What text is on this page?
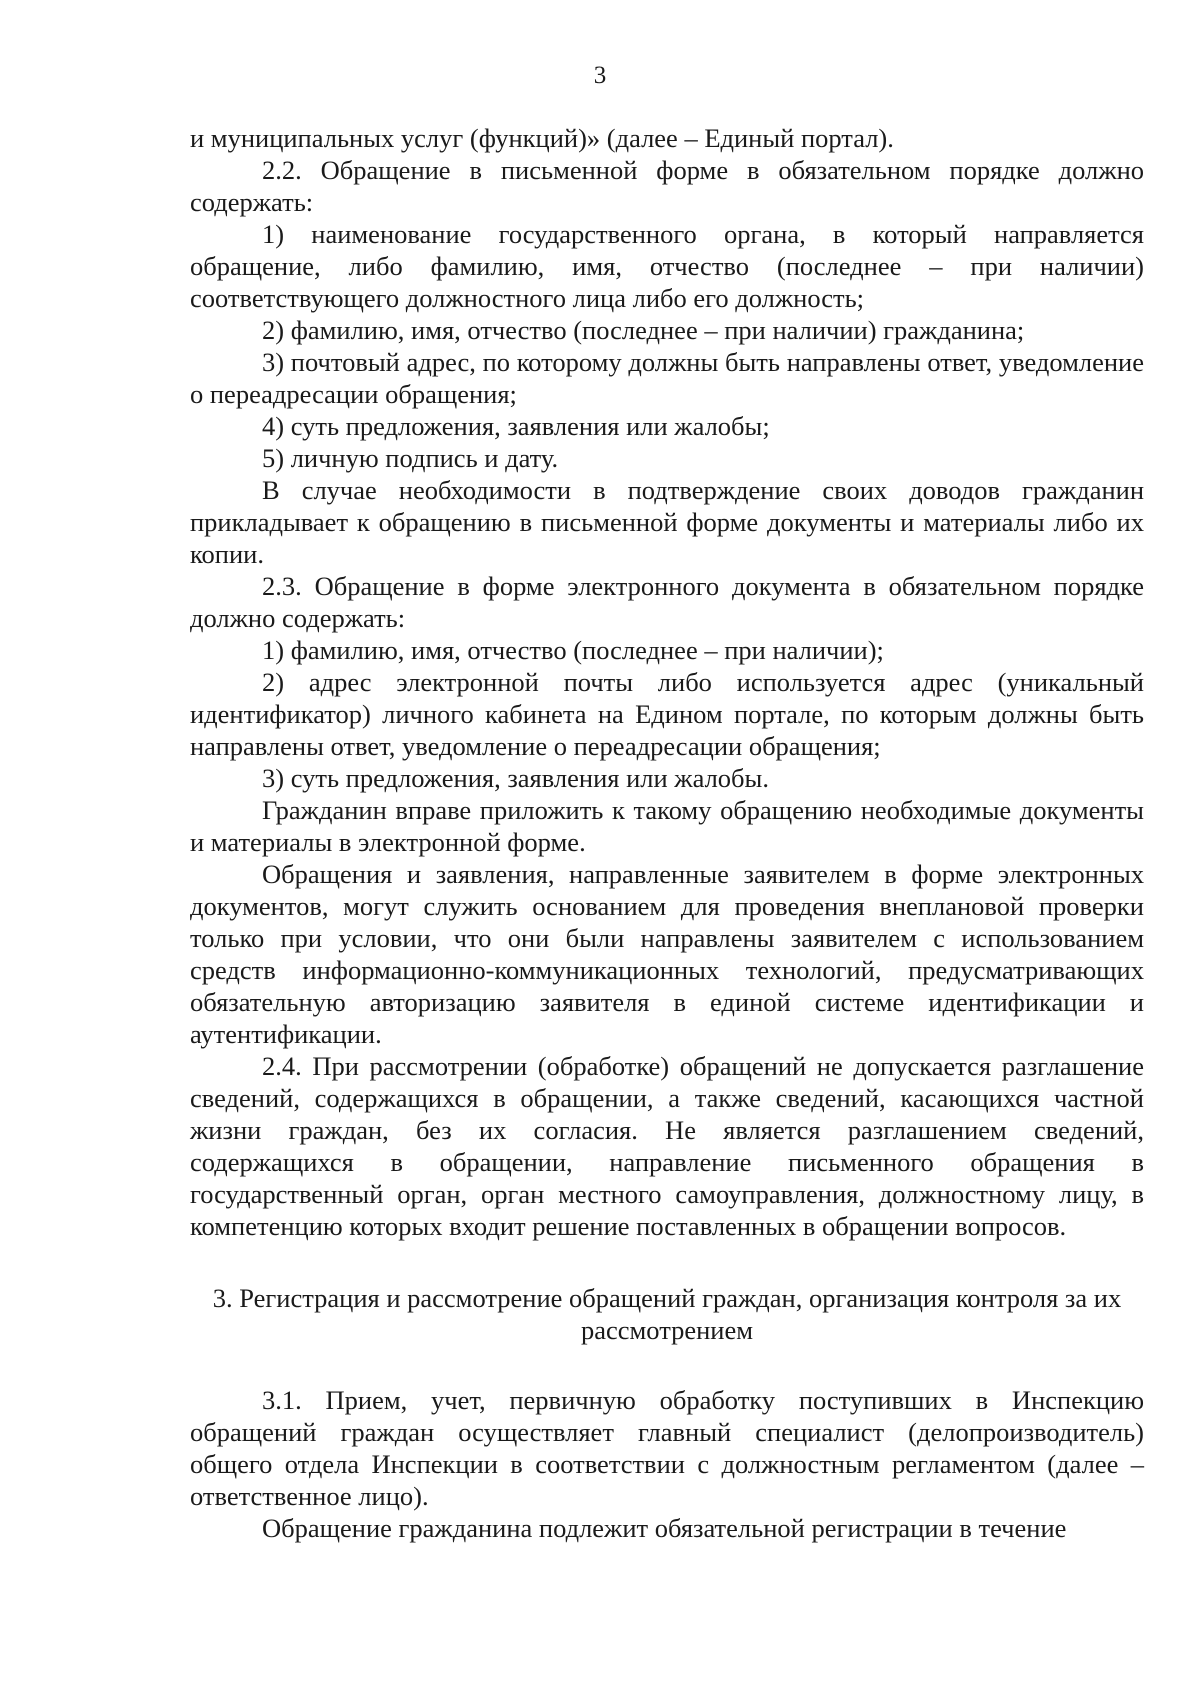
3

и муниципальных услуг (функций)» (далее – Единый портал).

2.2. Обращение в письменной форме в обязательном порядке должно содержать:

1) наименование государственного органа, в который направляется обращение, либо фамилию, имя, отчество (последнее – при наличии) соответствующего должностного лица либо его должность;

2) фамилию, имя, отчество (последнее – при наличии) гражданина;

3) почтовый адрес, по которому должны быть направлены ответ, уведомление о переадресации обращения;

4) суть предложения, заявления или жалобы;

5) личную подпись и дату.

В случае необходимости в подтверждение своих доводов гражданин прикладывает к обращению в письменной форме документы и материалы либо их копии.

2.3. Обращение в форме электронного документа в обязательном порядке должно содержать:

1) фамилию, имя, отчество (последнее – при наличии);

2) адрес электронной почты либо используется адрес (уникальный идентификатор) личного кабинета на Едином портале, по которым должны быть направлены ответ, уведомление о переадресации обращения;

3) суть предложения, заявления или жалобы.

Гражданин вправе приложить к такому обращению необходимые документы и материалы в электронной форме.

Обращения и заявления, направленные заявителем в форме электронных документов, могут служить основанием для проведения внеплановой проверки только при условии, что они были направлены заявителем с использованием средств информационно-коммуникационных технологий, предусматривающих обязательную авторизацию заявителя в единой системе идентификации и аутентификации.

2.4. При рассмотрении (обработке) обращений не допускается разглашение сведений, содержащихся в обращении, а также сведений, касающихся частной жизни граждан, без их согласия. Не является разглашением сведений, содержащихся в обращении, направление письменного обращения в государственный орган, орган местного самоуправления, должностному лицу, в компетенцию которых входит решение поставленных в обращении вопросов.

3. Регистрация и рассмотрение обращений граждан, организация контроля за их рассмотрением

3.1. Прием, учет, первичную обработку поступивших в Инспекцию обращений граждан осуществляет главный специалист (делопроизводитель) общего отдела Инспекции в соответствии с должностным регламентом (далее – ответственное лицо).

Обращение гражданина подлежит обязательной регистрации в течение
